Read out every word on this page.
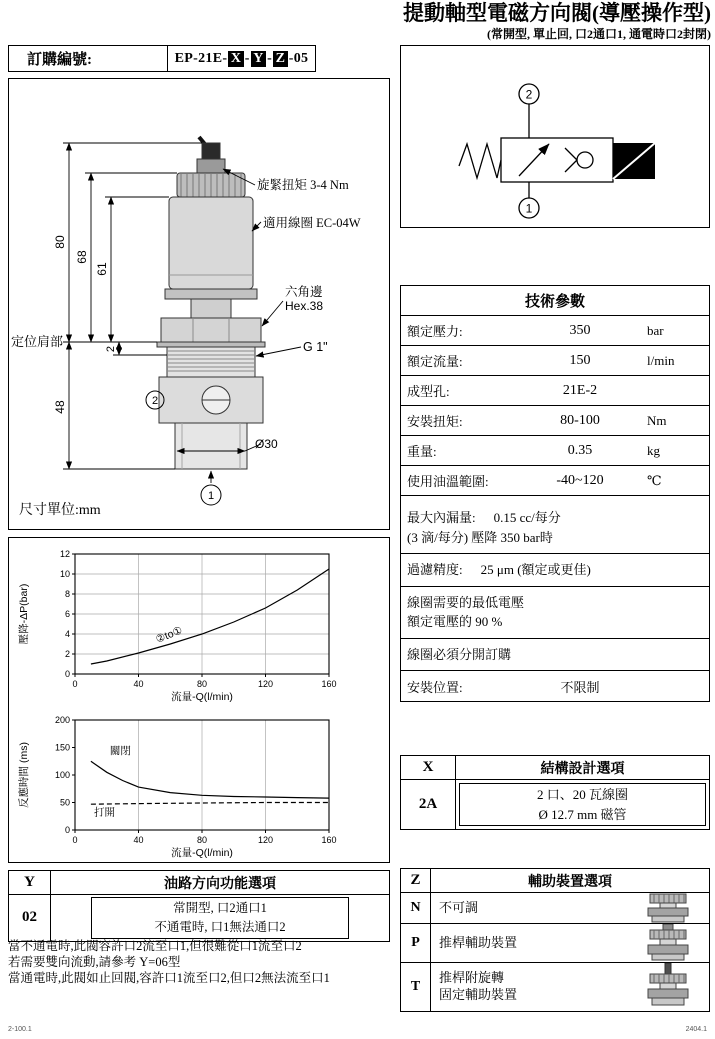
提動軸型電磁方向閥(導壓操作型)
(常開型, 單止回, 口2通口1, 通電時口2封閉)
訂購編號:	EP-21E- X - Y - Z -05
80
68
61
2
48
Ø30
旋緊扭矩 3-4 Nm
適用線圈 EC-04W
六角邊
Hex.38
G 1"
定位肩部
2
1
尺寸單位:mm
0	40	80	120	160
0
2
4
6
8
10
12
②to①
流量-Q(l/min)
壓降-ΔP(bar)
0	40	80	120	160
0
50
100
150
200
關閉
打開
流量-Q(l/min)
反應時間 (ms)
Y	油路方向功能選項
02
常開型, 口2通口1
不通電時, 口1無法通口2
當不通電時,此閥容許口2流至口1,但很難從口1流至口2
若需要雙向流動,請參考 Y=06型
當通電時,此閥如止回閥,容許口1流至口2,但口2無法流至口1
2
1
技術參數
額定壓力:	350	bar
額定流量:	150	l/min
成型孔:	21E-2
安裝扭矩:	80-100	Nm
重量:	0.35	kg
使用油溫範圍:	-40~120	℃
最大內漏量: 0.15 cc/每分
(3 滴/每分) 壓降 350 bar時
過濾精度: 25 μm (額定或更佳)
線圈需要的最低電壓
額定電壓的 90 %
線圈必須分開訂購
安裝位置:	不限制
X	結構設計選項
2A
2 口、20 瓦線圈
Ø 12.7 mm 磁管
Z	輔助裝置選項
N	不可調
P	推桿輔助裝置
T
推桿附旋轉
固定輔助裝置
2-100.1	2404.1
